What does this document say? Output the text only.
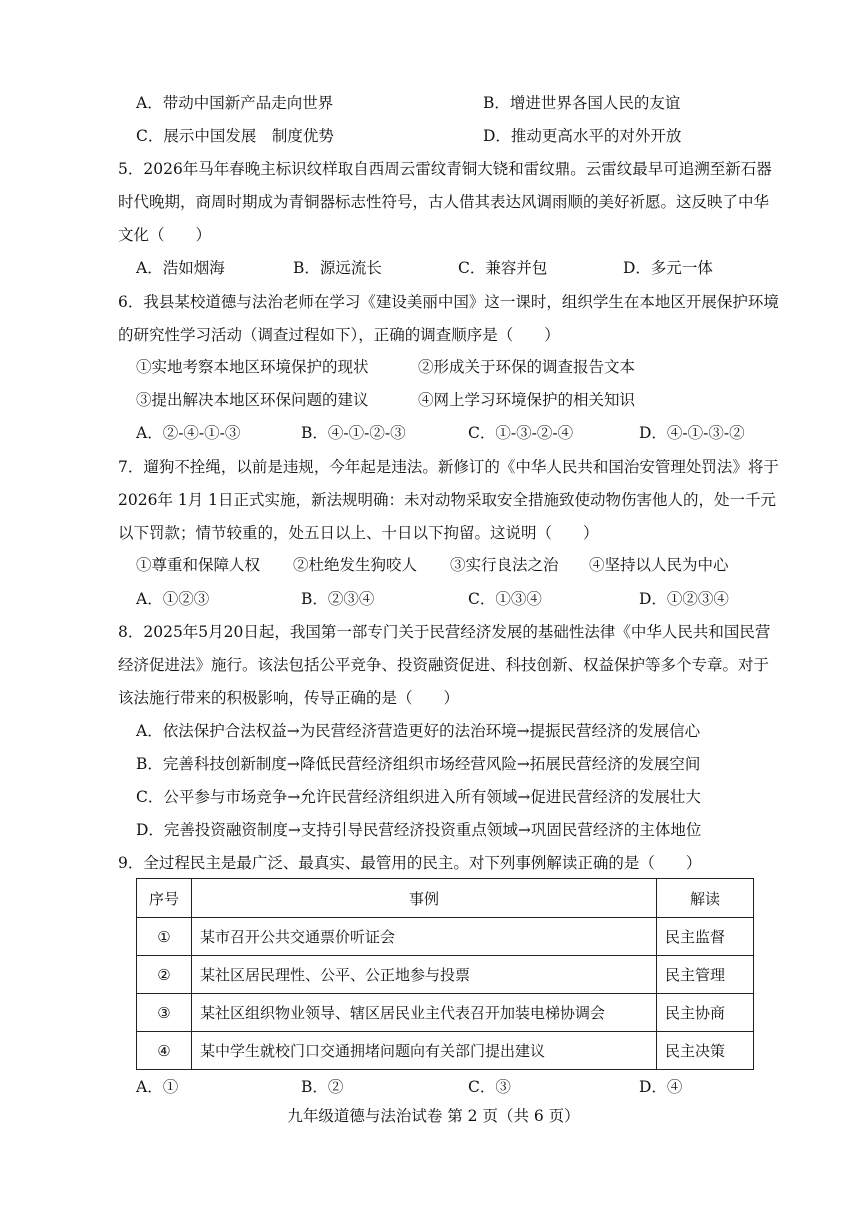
A．带动中国新产品走向世界	B．增进世界各国人民的友谊
C．展示中国发展　制度优势	D．推动更高水平的对外开放
5．2026年马年春晚主标识纹样取自西周云雷纹青铜大铙和雷纹鼎。云雷纹最早可追溯至新石器时代晚期，商周时期成为青铜器标志性符号，古人借其表达风调雨顺的美好祈愿。这反映了中华文化（　　）
A．浩如烟海	B．源远流长	C．兼容并包	D．多元一体
6．我县某校道德与法治老师在学习《建设美丽中国》这一课时，组织学生在本地区开展保护环境的研究性学习活动（调查过程如下），正确的调查顺序是（　　）
①实地考察本地区环境保护的现状	②形成关于环保的调查报告文本
③提出解决本地区环保问题的建议	④网上学习环境保护的相关知识
A．②-④-①-③	B．④-①-②-③	C．①-③-②-④	D．④-①-③-②
7．遛狗不拴绳，以前是违规，今年起是违法。新修订的《中华人民共和国治安管理处罚法》将于2026年 1月 1日正式实施，新法规明确：未对动物采取安全措施致使动物伤害他人的，处一千元以下罚款；情节较重的，处五日以上、十日以下拘留。这说明（　　）
①尊重和保障人权 ②杜绝发生狗咬人 ③实行良法之治 ④坚持以人民为中心
A．①②③	B．②③④	C．①③④	D．①②③④
8．2025年5月20日起，我国第一部专门关于民营经济发展的基础性法律《中华人民共和国民营经济促进法》施行。该法包括公平竞争、投资融资促进、科技创新、权益保护等多个专章。对于该法施行带来的积极影响，传导正确的是（　　）
A．依法保护合法权益→为民营经济营造更好的法治环境→提振民营经济的发展信心
B．完善科技创新制度→降低民营经济组织市场经营风险→拓展民营经济的发展空间
C．公平参与市场竞争→允许民营经济组织进入所有领域→促进民营经济的发展壮大
D．完善投资融资制度→支持引导民营经济投资重点领域→巩固民营经济的主体地位
9．全过程民主是最广泛、最真实、最管用的民主。对下列事例解读正确的是（　　）
序号	事例	解读
①	某市召开公共交通票价听证会	民主监督
②	某社区居民理性、公平、公正地参与投票	民主管理
③	某社区组织物业领导、辖区居民业主代表召开加装电梯协调会	民主协商
④	某中学生就校门口交通拥堵问题向有关部门提出建议	民主决策
A．①	B．②	C．③	D．④
九年级道德与法治试卷 第 2 页（共 6 页）
